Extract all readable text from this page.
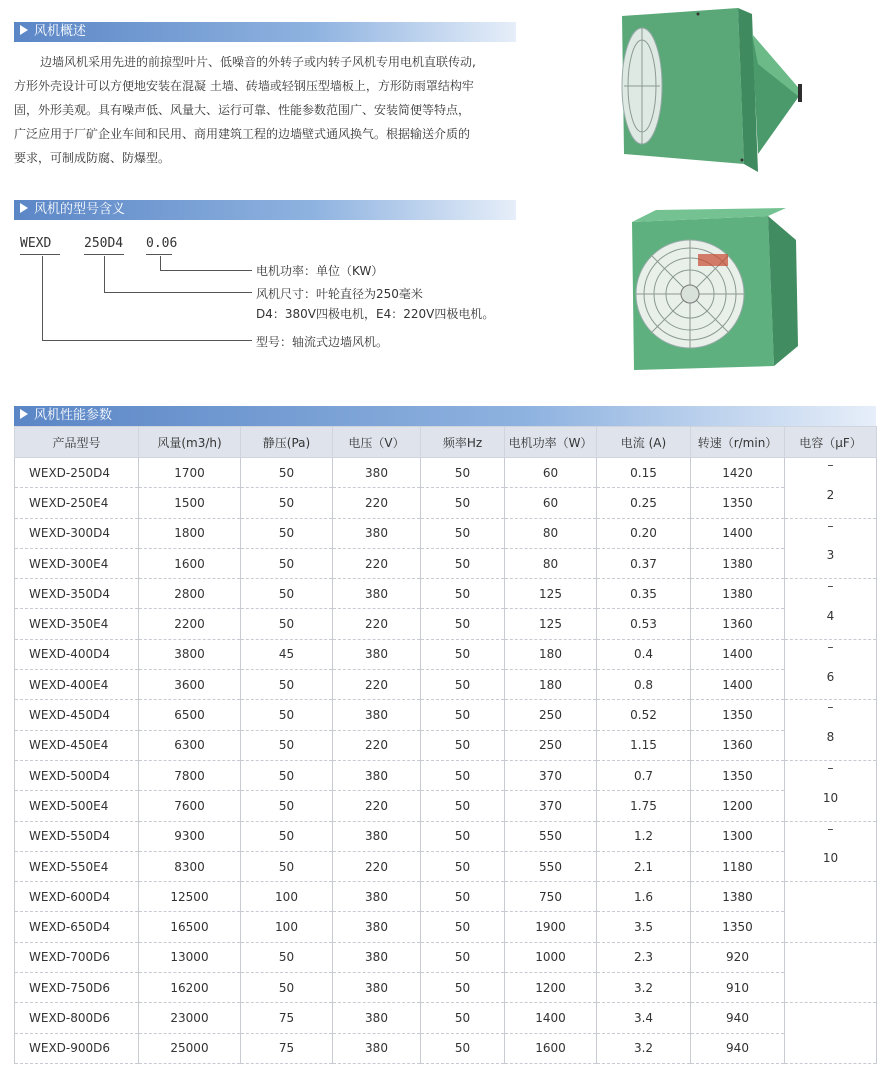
风机概述

边墙风机采用先进的前掠型叶片、低噪音的外转子或内转子风机专用电机直联传动,

方形外壳设计可以方便地安装在混凝 土墙、砖墙或轻钢压型墙板上，方形防雨罩结构牢

固，外形美观。具有噪声低、风量大、运行可靠、性能参数范围广、安装简便等特点，

广泛应用于厂矿企业车间和民用、商用建筑工程的边墙壁式通风换气。根据输送介质的

要求，可制成防腐、防爆型。

风机的型号含义
WEXD	250D4 0.06
电机功率：单位（KW）
风机尺寸：叶轮直径为250毫米
D4：380V四极电机，E4：220V四极电机。
型号：轴流式边墙风机。
风机性能参数
产品型号	风量(m3/h)	静压(Pa)	电压（V）	频率Hz	电机功率（W）	电流 (A)	转速（r/min）	电容（μF）
WEXD-250D4	1700	50	380	50	60	0.15	1420	–
WEXD-250E4	1500	50	220	50	60	0.25	1350	2
WEXD-300D4	1800	50	380	50	80	0.20	1400	–
WEXD-300E4	1600	50	220	50	80	0.37	1380	3
WEXD-350D4	2800	50	380	50	125	0.35	1380	–
WEXD-350E4	2200	50	220	50	125	0.53	1360	4
WEXD-400D4	3800	45	380	50	180	0.4	1400	–
WEXD-400E4	3600	50	220	50	180	0.8	1400	6
WEXD-450D4	6500	50	380	50	250	0.52	1350	–
WEXD-450E4	6300	50	220	50	250	1.15	1360	8
WEXD-500D4	7800	50	380	50	370	0.7	1350	–
WEXD-500E4	7600	50	220	50	370	1.75	1200	10
WEXD-550D4	9300	50	380	50	550	1.2	1300	–
WEXD-550E4	8300	50	220	50	550	2.1	1180	10
WEXD-600D4	12500	100	380	50	750	1.6	1380	
WEXD-650D4	16500	100	380	50	1900	3.5	1350	
WEXD-700D6	13000	50	380	50	1000	2.3	920	
WEXD-750D6	16200	50	380	50	1200	3.2	910	
WEXD-800D6	23000	75	380	50	1400	3.4	940	
WEXD-900D6	25000	75	380	50	1600	3.2	940	
